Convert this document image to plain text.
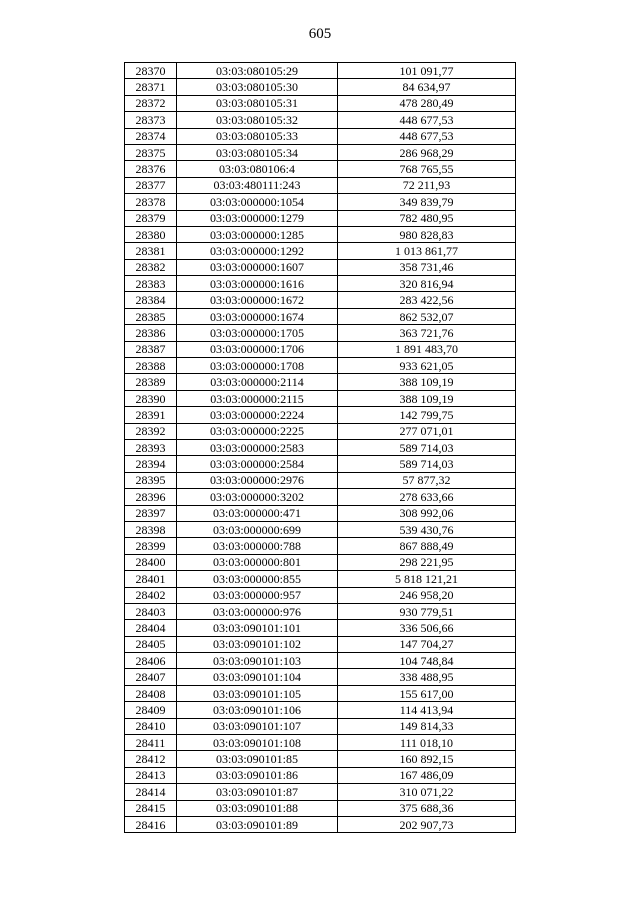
605
28370	03:03:080105:29	101 091,77
28371	03:03:080105:30	84 634,97
28372	03:03:080105:31	478 280,49
28373	03:03:080105:32	448 677,53
28374	03:03:080105:33	448 677,53
28375	03:03:080105:34	286 968,29
28376	03:03:080106:4	768 765,55
28377	03:03:480111:243	72 211,93
28378	03:03:000000:1054	349 839,79
28379	03:03:000000:1279	782 480,95
28380	03:03:000000:1285	980 828,83
28381	03:03:000000:1292	1 013 861,77
28382	03:03:000000:1607	358 731,46
28383	03:03:000000:1616	320 816,94
28384	03:03:000000:1672	283 422,56
28385	03:03:000000:1674	862 532,07
28386	03:03:000000:1705	363 721,76
28387	03:03:000000:1706	1 891 483,70
28388	03:03:000000:1708	933 621,05
28389	03:03:000000:2114	388 109,19
28390	03:03:000000:2115	388 109,19
28391	03:03:000000:2224	142 799,75
28392	03:03:000000:2225	277 071,01
28393	03:03:000000:2583	589 714,03
28394	03:03:000000:2584	589 714,03
28395	03:03:000000:2976	57 877,32
28396	03:03:000000:3202	278 633,66
28397	03:03:000000:471	308 992,06
28398	03:03:000000:699	539 430,76
28399	03:03:000000:788	867 888,49
28400	03:03:000000:801	298 221,95
28401	03:03:000000:855	5 818 121,21
28402	03:03:000000:957	246 958,20
28403	03:03:000000:976	930 779,51
28404	03:03:090101:101	336 506,66
28405	03:03:090101:102	147 704,27
28406	03:03:090101:103	104 748,84
28407	03:03:090101:104	338 488,95
28408	03:03:090101:105	155 617,00
28409	03:03:090101:106	114 413,94
28410	03:03:090101:107	149 814,33
28411	03:03:090101:108	111 018,10
28412	03:03:090101:85	160 892,15
28413	03:03:090101:86	167 486,09
28414	03:03:090101:87	310 071,22
28415	03:03:090101:88	375 688,36
28416	03:03:090101:89	202 907,73
